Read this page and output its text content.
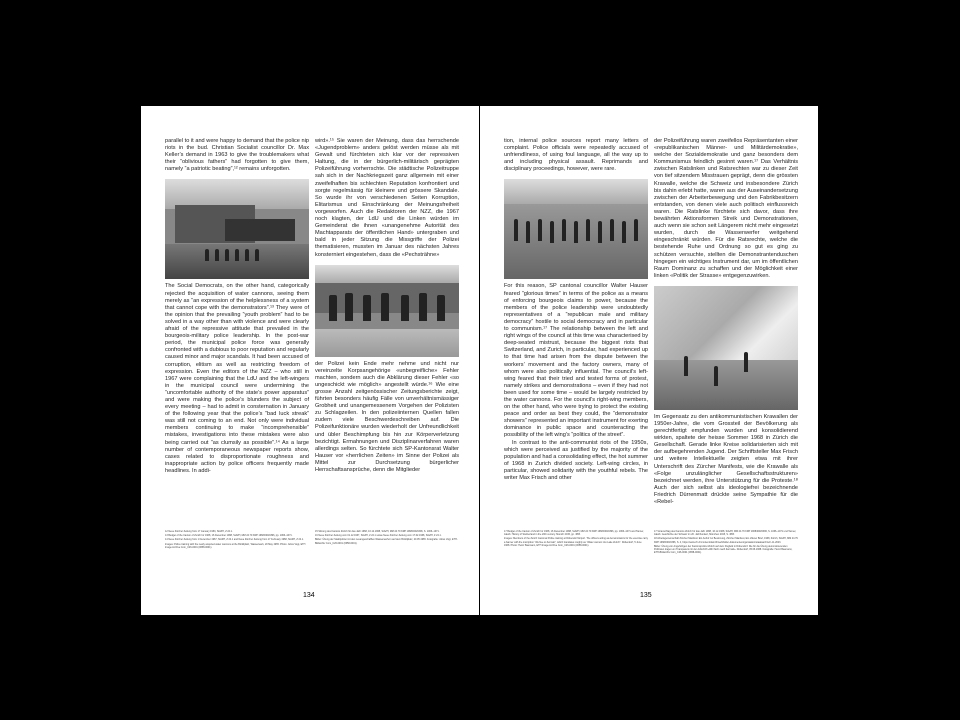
parallel to it and were happy to demand that the police nip riots in the bud. Christian Socialist councillor Dr. Max Keller’s demand in 1963 to give the troublemakers what their “oblivious fathers” had forgotten to give them, namely “a patriotic beating”,¹² remains unforgotten.

The Social Democrats, on the other hand, categorically rejected the acquisition of water cannons, seeing them merely as “an expression of the helplessness of a system that cannot cope with the demonstrators”.¹³ They were of the opinion that the prevailing “youth problem” had to be solved in a way other than with violence and were clearly afraid of the repressive attitude that prevailed in the bourgeois-military police leadership. In the post-war period, the municipal police force was generally confronted with a dubious to poor reputation and regularly caused minor and major scandals. It had been accused of corruption, elitism as well as restricting freedom of expression. Even the editors of the NZZ – who still in 1967 were complaining that the LdU and the left-wingers in the municipal council were undermining the “uncomfortable authority of the state’s power apparatus” and were making the police’s blunders the subject of every meeting – had to admit in consternation in January of the following year that the police’s “bad luck streak” was still not coming to an end. Not only were individual members continuing to make “incomprehensible” mistakes, investigations into these mistakes were also being carried out “as clumsily as possible”.¹⁴ As a large number of contemporaneous newspaper reports show, cases related to disproportionate roughness and inappropriate action by police officers frequently made headlines. In addi-

wird».¹⁵ Sie waren der Meinung, dass das herrschende «Jugendproblem» anders gelöst werden müsse als mit Gewalt und fürchteten sich klar vor der repressiven Haltung, die in der bürgerlich-militärisch geprägten Polizeiführung vorherrschte. Die städtische Polizeitruppe sah sich in der Nachkriegszeit ganz allgemein mit einer zweifelhaften bis schlechten Reputation konfrontiert und sorgte regelmässig für kleinere und grössere Skandale. So wurde ihr von verschiedenen Seiten Korruption, Elitarismus und Einschränkung der Meinungsfreiheit vorgeworfen. Auch die Redaktoren der NZZ, die 1967 noch klagten, der LdU und die Linken würden im Gemeinderat die ihnen «unangenehme Autorität des Machtapparats der öffentlichen Hand» untergraben und bald in jeder Sitzung die Missgriffe der Polizei thematisieren, mussten im Januar des nächsten Jahres konsterniert eingestehen, dass die «Pechsträhne»

der Polizei kein Ende mehr nehme und nicht nur vereinzelte Korpsangehörige «unbegreifliche» Fehler machten, sondern auch die Abklärung dieser Fehler «so ungeschickt wie möglich» angestellt würde.¹⁶ Wie eine grosse Anzahl zeitgenössischer Zeitungsberichte zeigt, führten besonders häufig Fälle von unverhältnismässiger Grobheit und unangemessenem Vorgehen der Polizisten zu Schlagzeilen. In den polizeiinternen Quellen fallen zudem viele Beschwerdeschreiben auf. Die Polizeifunktionäre wurden wiederholt der Unfreundlichkeit und übler Beschimpfung bis hin zur Körperverletzung bezichtigt. Ermahnungen und Disziplinarverfahren waren allerdings selten. So fürchtete sich SP-Kantonsrat Walter Hauser vor «herrlichen Zeiten» im Sinne der Polizei als Mittel zur Durchsetzung bürgerlicher Herrschaftsansprüche, denn die Mitglieder

12 Neue Zürcher Zeitung from 17 January 1963, StAZH, Z 24.1.
13 Budget of the Canton of Zurich for 1968, 16 December 1968, StAZH, MM 24.79 KRP 1968/000/0396, pp. 1066–1071.
14 Neue Zürcher Zeitung from 1 December 1967, StAZH, Z 24.1 and Neue Zürcher Zeitung from 17 February 1968, StAZH, Z 24.1.
Images: Police training with the newly acquired water cannons at the Bürkliplatz, Wasserwerk, 20 May 1965. Photo: Julius Vogt, ETH Image Archive Com_C26-0001 (0658-0001).
15 Sitzung des Kantons Zürich für das Jahr 1968, 16.12.1968, StAZH, MM 24.79 KRP 1968/000/0396, S. 1066–1071.
16 Neue Zürcher Zeitung vom 01.12.1967, StAZH, Z 24.1 sowie Neue Zürcher Zeitung vom 17.02.1968, StAZH, Z 24.1.
Bilder: Übung der Stadtpolizei mit den neuangeschafften Wasserwerfern auf dem Bürkliplatz, 20.05.1965. Fotografie: Julius Vogt, ETH-Bildarchiv Com_C26-0001 (0658-0001).
134

tion, internal police sources report many letters of complaint. Police officials were repeatedly accused of unfriendliness, of using foul language, all the way up to and including physical assault. Reprimands and disciplinary proceedings, however, were rare.

For this reason, SP cantonal councillor Walter Hauser feared “glorious times” in terms of the police as a means of enforcing bourgeois claims to power, because the members of the police leadership were undoubtedly representatives of a “republican male and military democracy” hostile to social democracy and in particular to communism.¹⁷ The relationship between the left and right wings of the council at this time was characterised by deep-seated mistrust, because the biggest riots that Switzerland, and Zurich, in particular, had experienced up to that time had arisen from the dispute between the workers’ movement and the factory owners, many of whom were also politically influential. The council’s left-wing feared that their tried and tested forms of protest, namely strikes and demonstrations – even if they had not been used for some time – would be largely restricted by the water cannons. For the council’s right-wing members, on the other hand, who were trying to protect the existing peace and order as best they could, the “demonstrator showers” represented an important instrument for exerting dominance in public space and counteracting the possibility of the left wing’s “politics of the street”.

In contrast to the anti-communist riots of the 1950s, which were perceived as justified by the majority of the population and had a consolidating effect, the hot summer of 1968 in Zurich divided society. Left-wing circles, in particular, showed solidarity with the youthful rebels. The writer Max Frisch and other

der Polizeiführung waren zweifellos Repräsentanten einer «republikanischen Männer- und Militärdemokratie», welche der Sozialdemokratie und ganz besonders dem Kommunismus feindlich gesinnt waren.¹⁷ Das Verhältnis zwischen Ratslinken und Ratsrechten war zu dieser Zeit von tief sitzendem Misstrauen geprägt, denn die grössten Krawalle, welche die Schweiz und insbesondere Zürich bis dahin erlebt hatte, waren aus der Auseinandersetzung zwischen der Arbeiterbewegung und den Fabrikbesitzern entstanden, von denen viele auch politisch einflussreich waren. Die Ratslinke fürchtete sich davor, dass ihre bewährten Aktionsformen Streik und Demonstrationen, auch wenn sie schon seit Längerem nicht mehr eingesetzt wurden, durch die Wasserwerfer weitgehend eingeschränkt würden. Für die Ratsrechte, welche die bestehende Ruhe und Ordnung so gut es ging zu schützen versuchte, stellten die Demonstrantenduschen hingegen ein wichtiges Instrument dar, um im öffentlichen Raum Dominanz zu schaffen und der Möglichkeit einer linken «Politik der Strasse» entgegenzuwirken.

Im Gegensatz zu den antikommunistischen Krawallen der 1950er-Jahre, die vom Grossteil der Bevölkerung als gerechtfertigt empfunden wurden und konsolidierend wirkten, spaltete der heisse Sommer 1968 in Zürich die Gesellschaft. Gerade linke Kreise solidarisierten sich mit der aufbegehrenden Jugend. Der Schriftsteller Max Frisch und weitere Intellektuelle zeigten etwa mit ihrer Unterschrift des Zürcher Manifests, wie die Krawalle als «Folge unzulänglicher Gesellschaftsstrukturen» bezeichnet werden, ihre Unterstützung für die Proteste.¹⁸ Auch der sich selbst als ideologiefrei bezeichnende Friedrich Dürrenmatt drückte seine Sympathie für die «Rebel-

17 Budget of the Canton of Zurich for 1968, 16 December 1968, StAZH, MM 24.79 KRP 1968/000/0396, pp. 1066–1071 and Tanner, Jakob: History of Switzerland in the 20th century. Munich 2015, pp. 380f.
Images: Members of the Zurich Cantonal Police training at Dübendorf Airport. The officers acting as demonstrators for the exercise carry a banner with the inscription “We flee to Zermatt”, which translates roughly as “Water cannon into Lake Zurich”. Dübendorf, 5 June 1968. Photo: Heinz Baumann, ETH Image Archive Com_C26-0001 (0658-0001).
17 Voranschlag des Kantons Zürich für das Jahr 1968, 16.12.1968, StAZH, MM 24.79 KRP 1968/000/0396, S. 1066–1071 und Tanner, Jakob: Geschichte der Schweiz im 20. Jahrhundert, München 2015, S. 380f.
18 Arbeitsgemeinschaft Zürcher Manifest: Ein Aufruf zur Besinnung, Zürcher Manifest, Ein offener Brief, 1968, Zürich, StAZH, MM 24.79 KRP 1968/000/0396, S. 4, https://www.zh.ch/content/dam/zhweb/bilder-dokumente/organisation/staatsarchiv/2–11.2023.
Bilder: Übung von Angehörigen der Kantonspolizei Zürich auf dem Flugfeld in Dübendorf. Die für die Übung demonstrierenden Polizisten tragen ein Transparent mit der Aufschrift «Wir fliehn nach Zermatt». Dübendorf, 05.06.1968. Fotografie: Heinz Baumann, ETH-Bildarchiv Com_C26-0001 (0658-0001).
135
